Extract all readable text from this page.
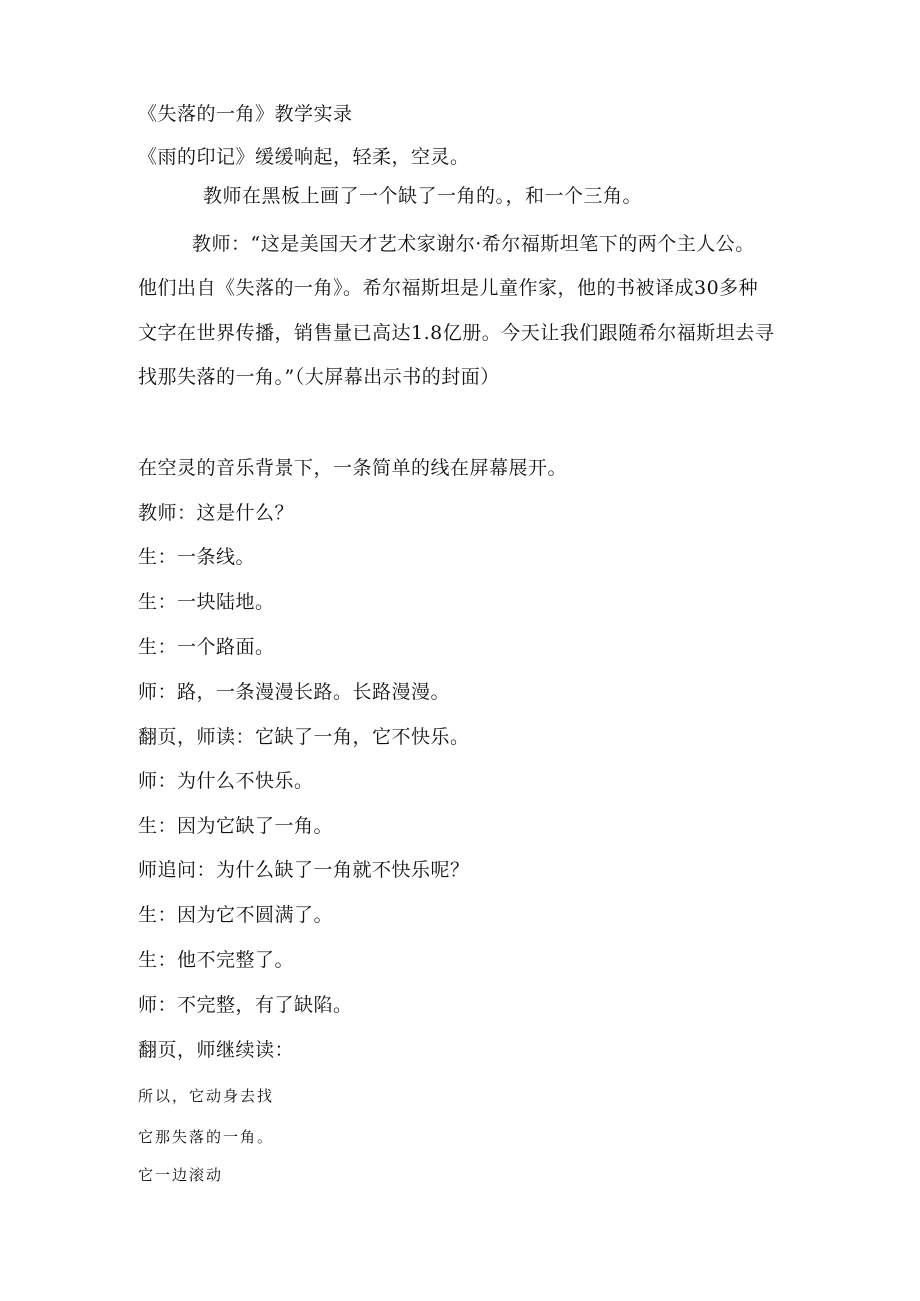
《失落的一角》教学实录
《雨的印记》缓缓响起，轻柔，空灵。
教师在黑板上画了一个缺了一角的。，和一个三角。
教师：“这是美国天才艺术家谢尔·希尔福斯坦笔下的两个主人公。
他们出自《失落的一角》。希尔福斯坦是儿童作家，他的书被译成30多种
文字在世界传播，销售量已高达1.8亿册。今天让我们跟随希尔福斯坦去寻
找那失落的一角。”（大屏幕出示书的封面）
在空灵的音乐背景下，一条简单的线在屏幕展开。
教师：这是什么？
生：一条线。
生：一块陆地。
生：一个路面。
师：路，一条漫漫长路。长路漫漫。
翻页，师读：它缺了一角，它不快乐。
师：为什么不快乐。
生：因为它缺了一角。
师追问：为什么缺了一角就不快乐呢？
生：因为它不圆满了。
生：他不完整了。
师：不完整，有了缺陷。
翻页，师继续读：
所以，它动身去找
它那失落的一角。
它一边滚动
